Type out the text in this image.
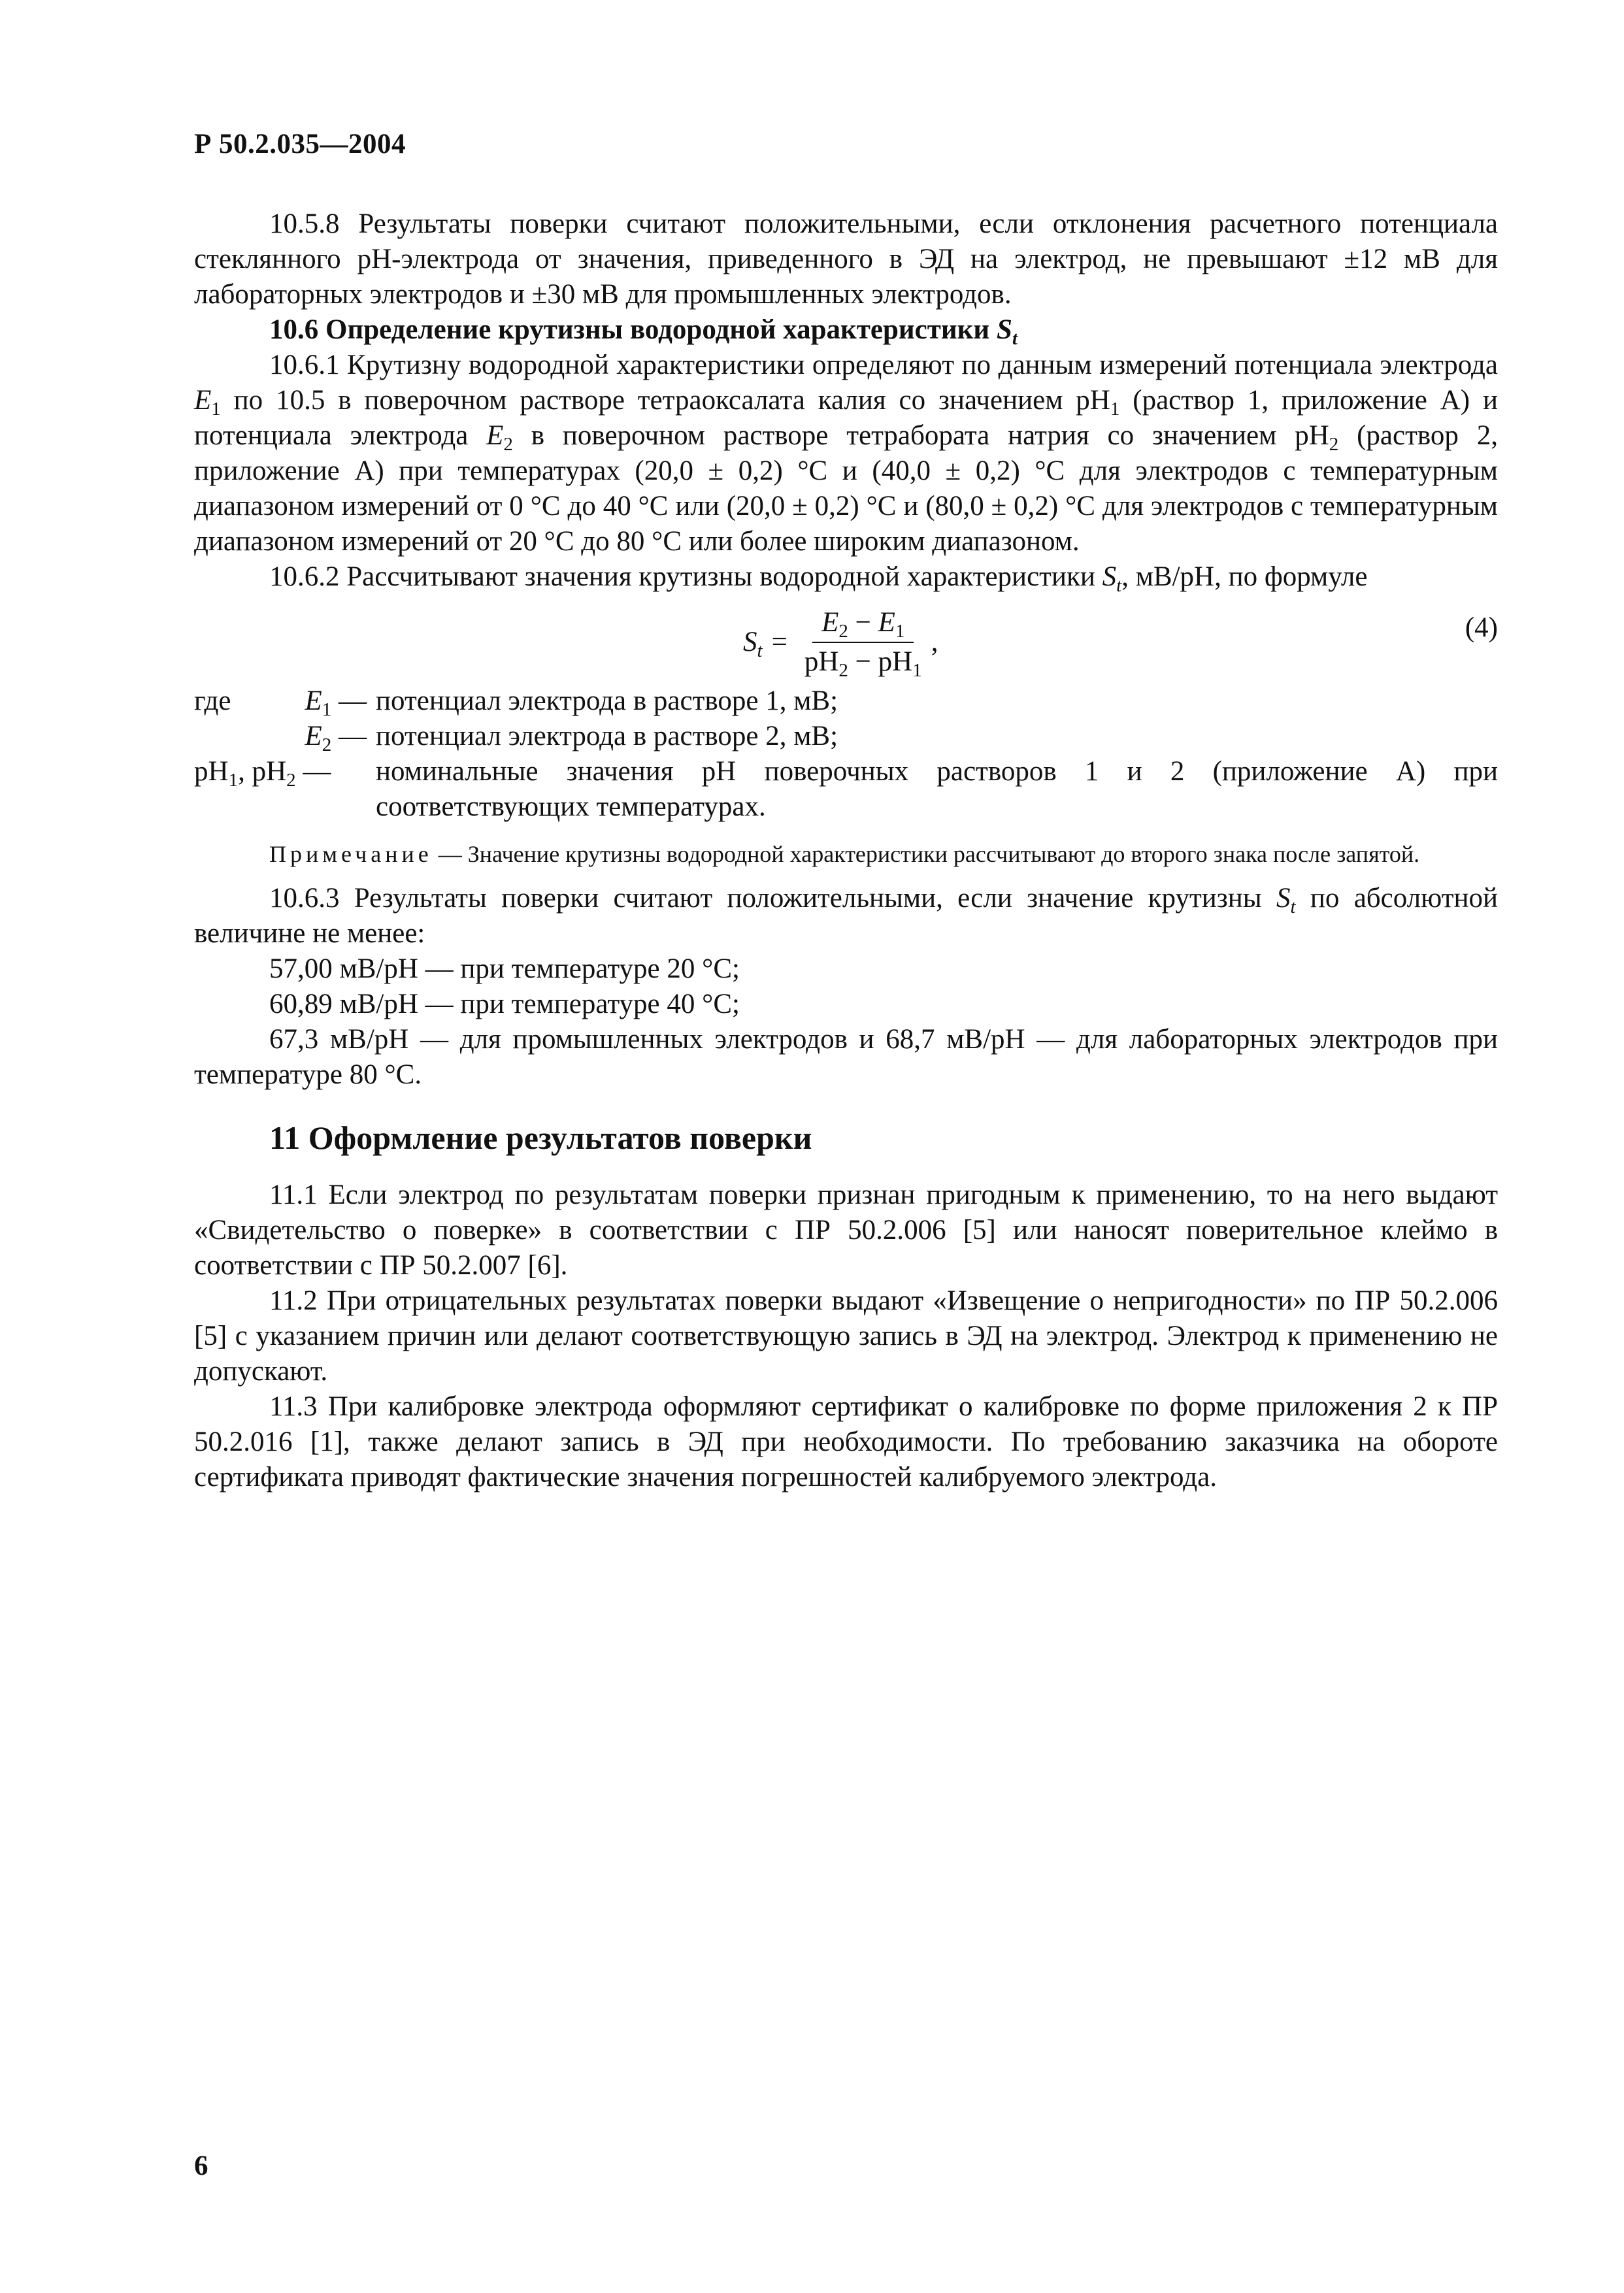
Р 50.2.035—2004

10.5.8 Результаты поверки считают положительными, если отклонения расчетного потенциала стеклянного pH-электрода от значения, приведенного в ЭД на электрод, не превышают ±12 мВ для лабораторных электродов и ±30 мВ для промышленных электродов.

10.6 Определение крутизны водородной характеристики $S_t$

10.6.1 Крутизну водородной характеристики определяют по данным измерений потенциала электрода $E_1$ по 10.5 в поверочном растворе тетраоксалата калия со значением $pH_1$ (раствор 1, приложение А) и потенциала электрода $E_2$ в поверочном растворе тетрабората натрия со значением $pH_2$ (раствор 2, приложение А) при температурах (20,0 ± 0,2) °С и (40,0 ± 0,2) °С для электродов с температурным диапазоном измерений от 0 °С до 40 °С или (20,0 ± 0,2) °С и (80,0 ± 0,2) °С для электродов с температурным диапазоном измерений от 20 °С до 80 °С или более широким диапазоном.

10.6.2 Рассчитывают значения крутизны водородной характеристики $S_t$, мВ/pH, по формуле

$S_t = \frac{E_2 - E_1}{pH_2 - pH_1}$ ,	(4)
где	$E_1$ — потенциал электрода в растворе 1, мВ;
$E_2$ — потенциал электрода в растворе 2, мВ;
$pH_1$, $pH_2$ —	номинальные значения pH поверочных растворов 1 и 2 (приложение А) при соответствующих температурах.

Примечание — Значение крутизны водородной характеристики рассчитывают до второго знака после запятой.

10.6.3 Результаты поверки считают положительными, если значение крутизны $S_t$ по абсолютной величине не менее:

57,00 мВ/pH — при температуре 20 °С;

60,89 мВ/pH — при температуре 40 °С;

67,3 мВ/pH — для промышленных электродов и 68,7 мВ/pH — для лабораторных электродов при температуре 80 °С.

11 Оформление результатов поверки

11.1 Если электрод по результатам поверки признан пригодным к применению, то на него выдают «Свидетельство о поверке» в соответствии с ПР 50.2.006 [5] или наносят поверительное клеймо в соответствии с ПР 50.2.007 [6].

11.2 При отрицательных результатах поверки выдают «Извещение о непригодности» по ПР 50.2.006 [5] с указанием причин или делают соответствующую запись в ЭД на электрод. Электрод к применению не допускают.

11.3 При калибровке электрода оформляют сертификат о калибровке по форме приложения 2 к ПР 50.2.016 [1], также делают запись в ЭД при необходимости. По требованию заказчика на обороте сертификата приводят фактические значения погрешностей калибруемого электрода.

6
